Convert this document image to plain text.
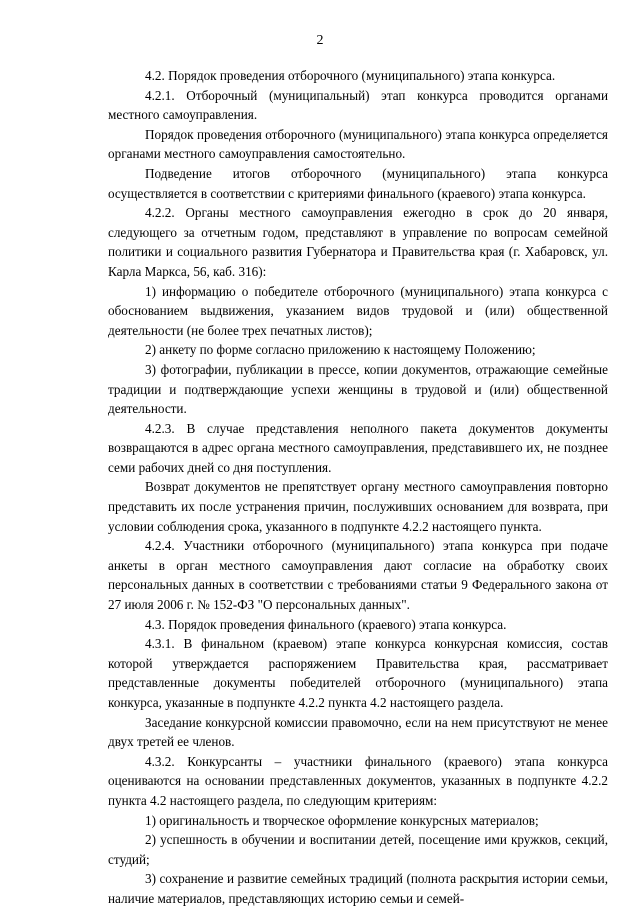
2

4.2. Порядок проведения отборочного (муниципального) этапа конкурса.

4.2.1. Отборочный (муниципальный) этап конкурса проводится органами местного самоуправления.

Порядок проведения отборочного (муниципального) этапа конкурса определяется органами местного самоуправления самостоятельно.

Подведение итогов отборочного (муниципального) этапа конкурса осуществляется в соответствии с критериями финального (краевого) этапа конкурса.

4.2.2. Органы местного самоуправления ежегодно в срок до 20 января, следующего за отчетным годом, представляют в управление по вопросам семейной политики и социального развития Губернатора и Правительства края (г. Хабаровск, ул. Карла Маркса, 56, каб. 316):

1) информацию о победителе отборочного (муниципального) этапа конкурса с обоснованием выдвижения, указанием видов трудовой и (или) общественной деятельности (не более трех печатных листов);

2) анкету по форме согласно приложению к настоящему Положению;

3) фотографии, публикации в прессе, копии документов, отражающие семейные традиции и подтверждающие успехи женщины в трудовой и (или) общественной деятельности.

4.2.3. В случае представления неполного пакета документов документы возвращаются в адрес органа местного самоуправления, представившего их, не позднее семи рабочих дней со дня поступления.

Возврат документов не препятствует органу местного самоуправления повторно представить их после устранения причин, послуживших основанием для возврата, при условии соблюдения срока, указанного в подпункте 4.2.2 настоящего пункта.

4.2.4. Участники отборочного (муниципального) этапа конкурса при подаче анкеты в орган местного самоуправления дают согласие на обработку своих персональных данных в соответствии с требованиями статьи 9 Федерального закона от 27 июля 2006 г. № 152-ФЗ "О персональных данных".

4.3. Порядок проведения финального (краевого) этапа конкурса.

4.3.1. В финальном (краевом) этапе конкурса конкурсная комиссия, состав которой утверждается распоряжением Правительства края, рассматривает представленные документы победителей отборочного (муниципального) этапа конкурса, указанные в подпункте 4.2.2 пункта 4.2 настоящего раздела.

Заседание конкурсной комиссии правомочно, если на нем присутствуют не менее двух третей ее членов.

4.3.2. Конкурсанты – участники финального (краевого) этапа конкурса оцениваются на основании представленных документов, указанных в подпункте 4.2.2 пункта 4.2 настоящего раздела, по следующим критериям:

1) оригинальность и творческое оформление конкурсных материалов;

2) успешность в обучении и воспитании детей, посещение ими кружков, секций, студий;

3) сохранение и развитие семейных традиций (полнота раскрытия истории семьи, наличие материалов, представляющих историю семьи и семей-
